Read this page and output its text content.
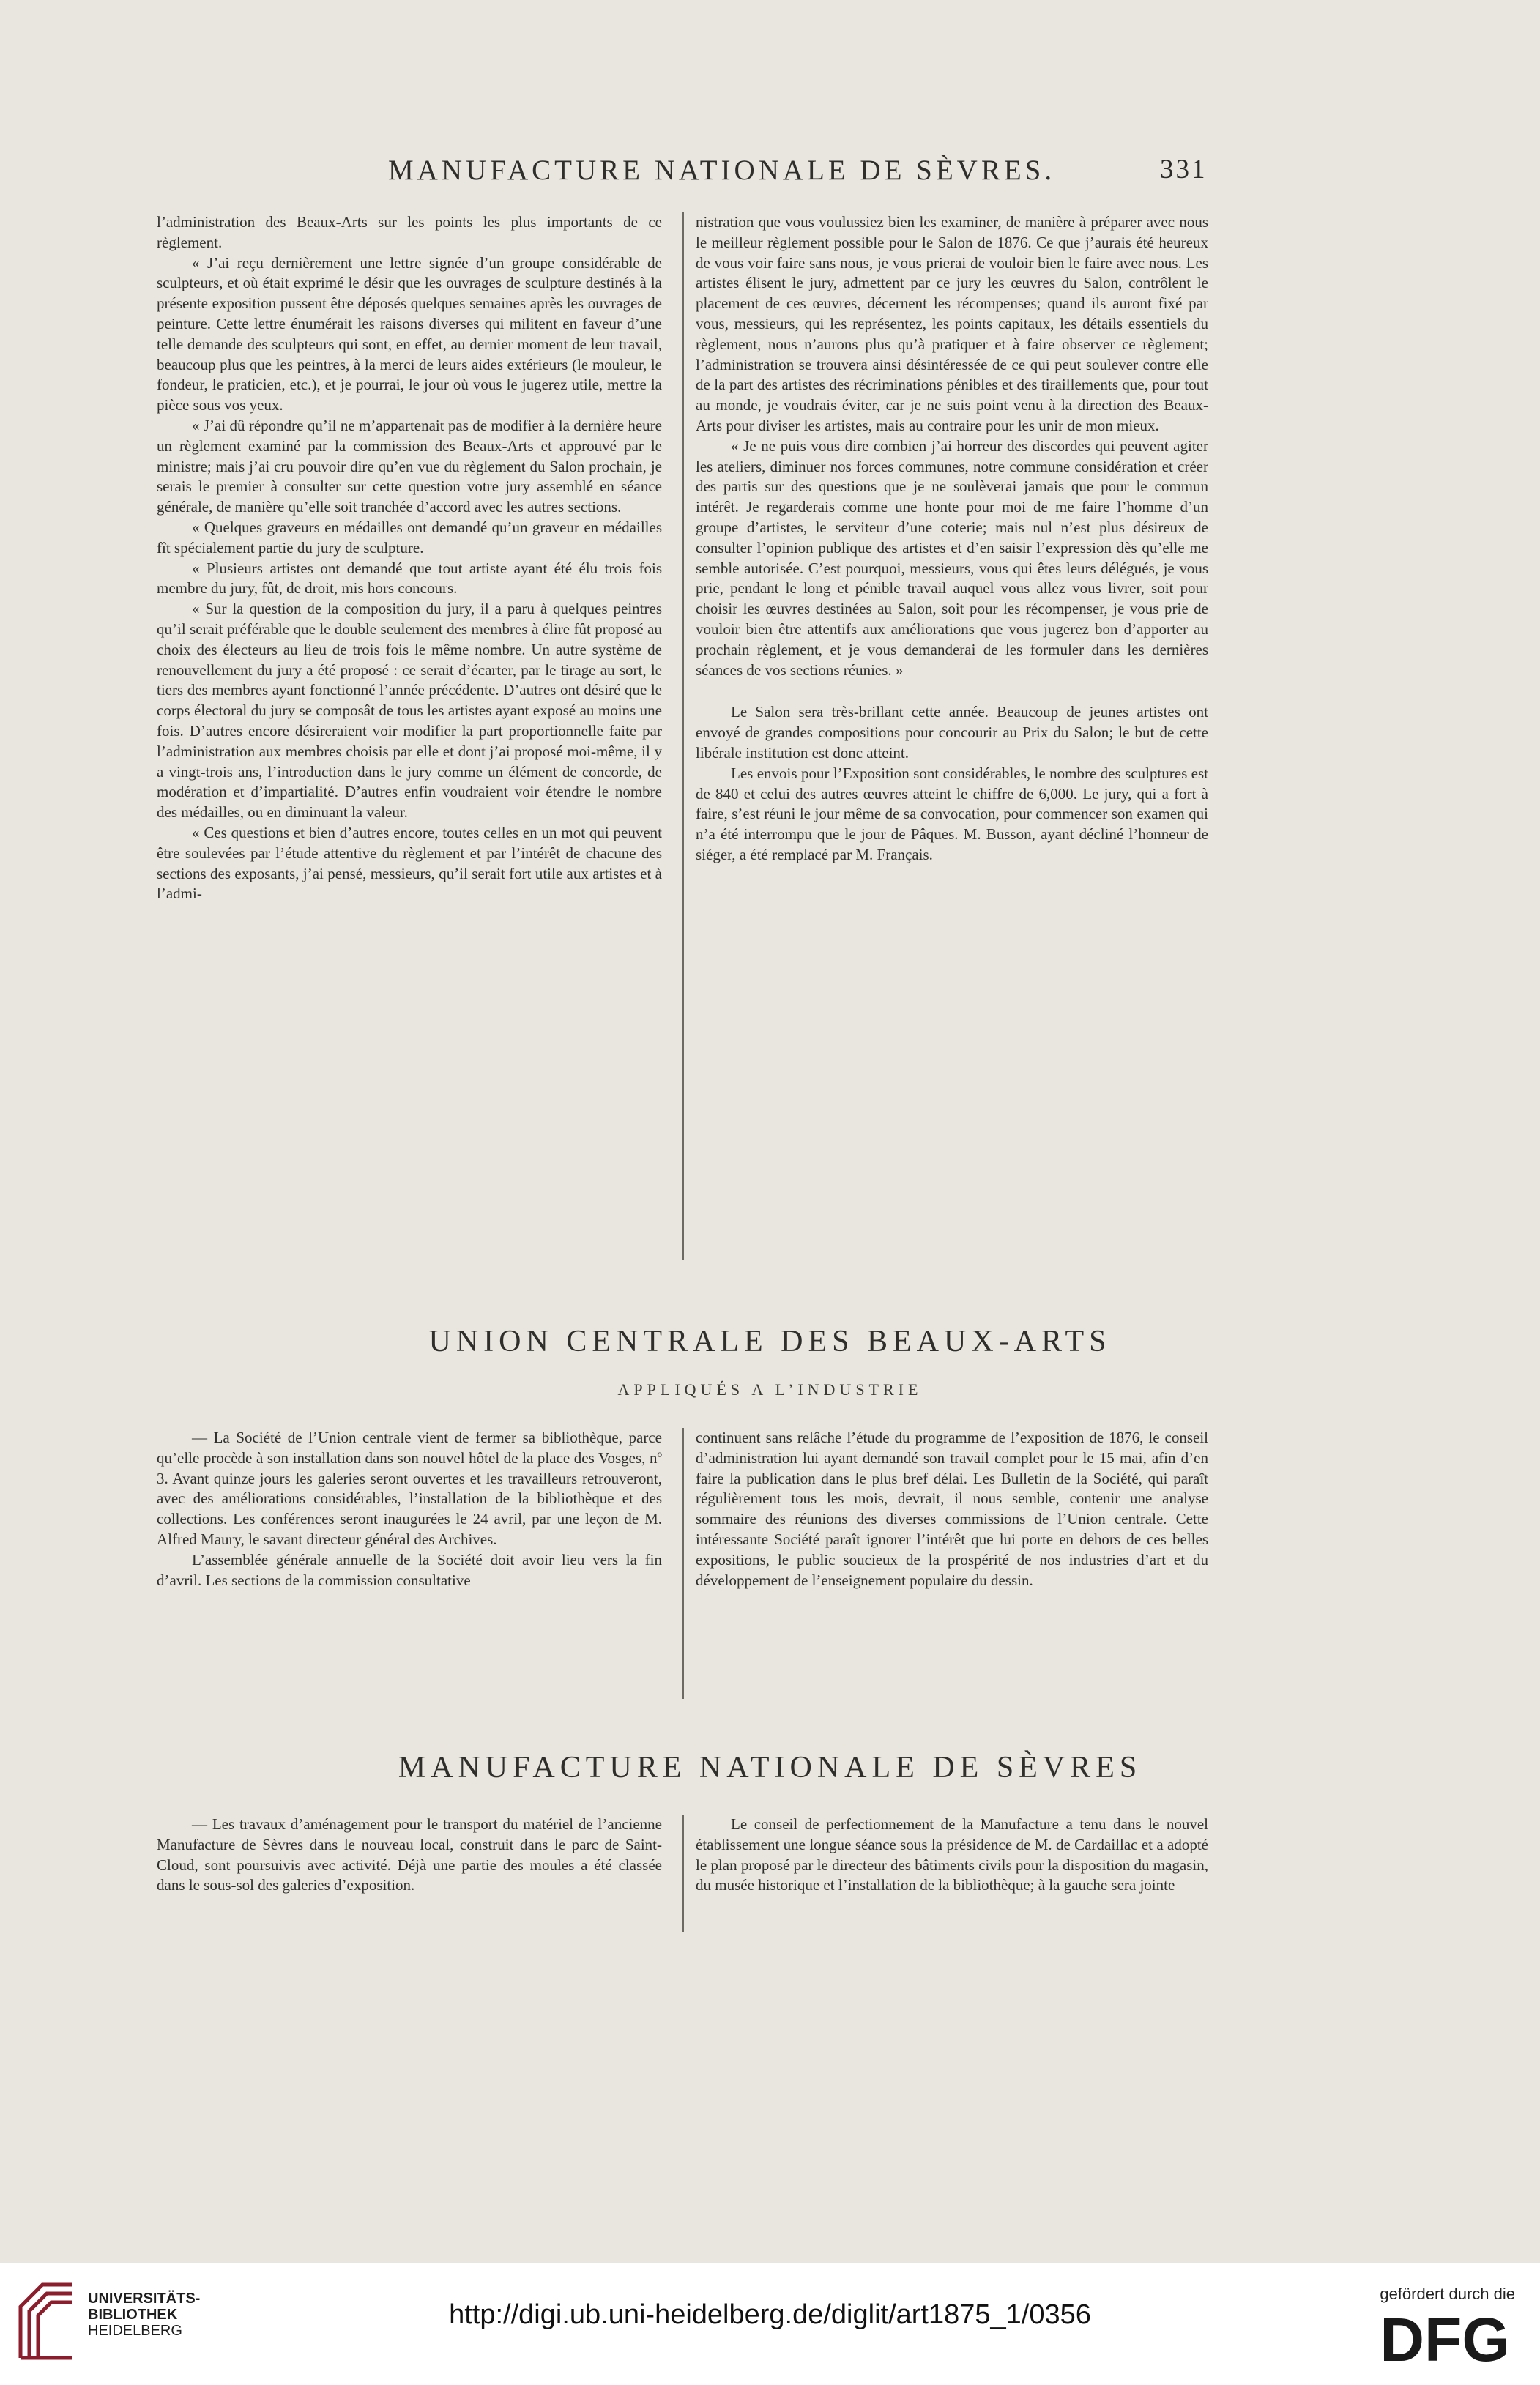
MANUFACTURE NATIONALE DE SÈVRES.	331

l’administration des Beaux-Arts sur les points les plus importants de ce règlement.

« J’ai reçu dernièrement une lettre signée d’un groupe considérable de sculpteurs, et où était exprimé le désir que les ouvrages de sculpture destinés à la présente exposition pussent être déposés quelques semaines après les ouvrages de peinture. Cette lettre énumérait les raisons diverses qui militent en faveur d’une telle demande des sculpteurs qui sont, en effet, au dernier moment de leur travail, beaucoup plus que les peintres, à la merci de leurs aides extérieurs (le mouleur, le fondeur, le praticien, etc.), et je pourrai, le jour où vous le jugerez utile, mettre la pièce sous vos yeux.

« J’ai dû répondre qu’il ne m’appartenait pas de modifier à la dernière heure un règlement examiné par la commission des Beaux-Arts et approuvé par le ministre; mais j’ai cru pouvoir dire qu’en vue du règlement du Salon prochain, je serais le premier à consulter sur cette question votre jury assemblé en séance générale, de manière qu’elle soit tranchée d’accord avec les autres sections.

« Quelques graveurs en médailles ont demandé qu’un graveur en médailles fît spécialement partie du jury de sculpture.

« Plusieurs artistes ont demandé que tout artiste ayant été élu trois fois membre du jury, fût, de droit, mis hors concours.

« Sur la question de la composition du jury, il a paru à quelques peintres qu’il serait préférable que le double seulement des membres à élire fût proposé au choix des électeurs au lieu de trois fois le même nombre. Un autre système de renouvellement du jury a été proposé : ce serait d’écarter, par le tirage au sort, le tiers des membres ayant fonctionné l’année précédente. D’autres ont désiré que le corps électoral du jury se composât de tous les artistes ayant exposé au moins une fois. D’autres encore désireraient voir modifier la part proportionnelle faite par l’administration aux membres choisis par elle et dont j’ai proposé moi-même, il y a vingt-trois ans, l’introduction dans le jury comme un élément de concorde, de modération et d’impartialité. D’autres enfin voudraient voir étendre le nombre des médailles, ou en diminuant la valeur.

« Ces questions et bien d’autres encore, toutes celles en un mot qui peuvent être soulevées par l’étude attentive du règlement et par l’intérêt de chacune des sections des exposants, j’ai pensé, messieurs, qu’il serait fort utile aux artistes et à l’admi-

nistration que vous voulussiez bien les examiner, de manière à préparer avec nous le meilleur règlement possible pour le Salon de 1876. Ce que j’aurais été heureux de vous voir faire sans nous, je vous prierai de vouloir bien le faire avec nous. Les artistes élisent le jury, admettent par ce jury les œuvres du Salon, contrôlent le placement de ces œuvres, décernent les récompenses; quand ils auront fixé par vous, messieurs, qui les représentez, les points capitaux, les détails essentiels du règlement, nous n’aurons plus qu’à pratiquer et à faire observer ce règlement; l’administration se trouvera ainsi désintéressée de ce qui peut soulever contre elle de la part des artistes des récriminations pénibles et des tiraillements que, pour tout au monde, je voudrais éviter, car je ne suis point venu à la direction des Beaux-Arts pour diviser les artistes, mais au contraire pour les unir de mon mieux.

« Je ne puis vous dire combien j’ai horreur des discordes qui peuvent agiter les ateliers, diminuer nos forces communes, notre commune considération et créer des partis sur des questions que je ne soulèverai jamais que pour le commun intérêt. Je regarderais comme une honte pour moi de me faire l’homme d’un groupe d’artistes, le serviteur d’une coterie; mais nul n’est plus désireux de consulter l’opinion publique des artistes et d’en saisir l’expression dès qu’elle me semble autorisée. C’est pourquoi, messieurs, vous qui êtes leurs délégués, je vous prie, pendant le long et pénible travail auquel vous allez vous livrer, soit pour choisir les œuvres destinées au Salon, soit pour les récompenser, je vous prie de vouloir bien être attentifs aux améliorations que vous jugerez bon d’apporter au prochain règlement, et je vous demanderai de les formuler dans les dernières séances de vos sections réunies. »

Le Salon sera très-brillant cette année. Beaucoup de jeunes artistes ont envoyé de grandes compositions pour concourir au Prix du Salon; le but de cette libérale institution est donc atteint.

Les envois pour l’Exposition sont considérables, le nombre des sculptures est de 840 et celui des autres œuvres atteint le chiffre de 6,000. Le jury, qui a fort à faire, s’est réuni le jour même de sa convocation, pour commencer son examen qui n’a été interrompu que le jour de Pâques. M. Busson, ayant décliné l’honneur de siéger, a été remplacé par M. Français.

UNION CENTRALE DES BEAUX-ARTS
APPLIQUÉS A L’INDUSTRIE

— La Société de l’Union centrale vient de fermer sa bibliothèque, parce qu’elle procède à son installation dans son nouvel hôtel de la place des Vosges, nº 3. Avant quinze jours les galeries seront ouvertes et les travailleurs retrouveront, avec des améliorations considérables, l’installation de la bibliothèque et des collections. Les conférences seront inaugurées le 24 avril, par une leçon de M. Alfred Maury, le savant directeur général des Archives.

L’assemblée générale annuelle de la Société doit avoir lieu vers la fin d’avril. Les sections de la commission consultative

continuent sans relâche l’étude du programme de l’exposition de 1876, le conseil d’administration lui ayant demandé son travail complet pour le 15 mai, afin d’en faire la publication dans le plus bref délai. Les Bulletin de la Société, qui paraît régulièrement tous les mois, devrait, il nous semble, contenir une analyse sommaire des réunions des diverses commissions de l’Union centrale. Cette intéressante Société paraît ignorer l’intérêt que lui porte en dehors de ces belles expositions, le public soucieux de la prospérité de nos industries d’art et du développement de l’enseignement populaire du dessin.

MANUFACTURE NATIONALE DE SÈVRES

— Les travaux d’aménagement pour le transport du matériel de l’ancienne Manufacture de Sèvres dans le nouveau local, construit dans le parc de Saint-Cloud, sont poursuivis avec activité. Déjà une partie des moules a été classée dans le sous-sol des galeries d’exposition.

Le conseil de perfectionnement de la Manufacture a tenu dans le nouvel établissement une longue séance sous la présidence de M. de Cardaillac et a adopté le plan proposé par le directeur des bâtiments civils pour la disposition du magasin, du musée historique et l’installation de la bibliothèque; à la gauche sera jointe

UNIVERSITÄTS-
BIBLIOTHEK
HEIDELBERG
http://digi.ub.uni-heidelberg.de/diglit/art1875_1/0356
gefördert durch die
DFG
